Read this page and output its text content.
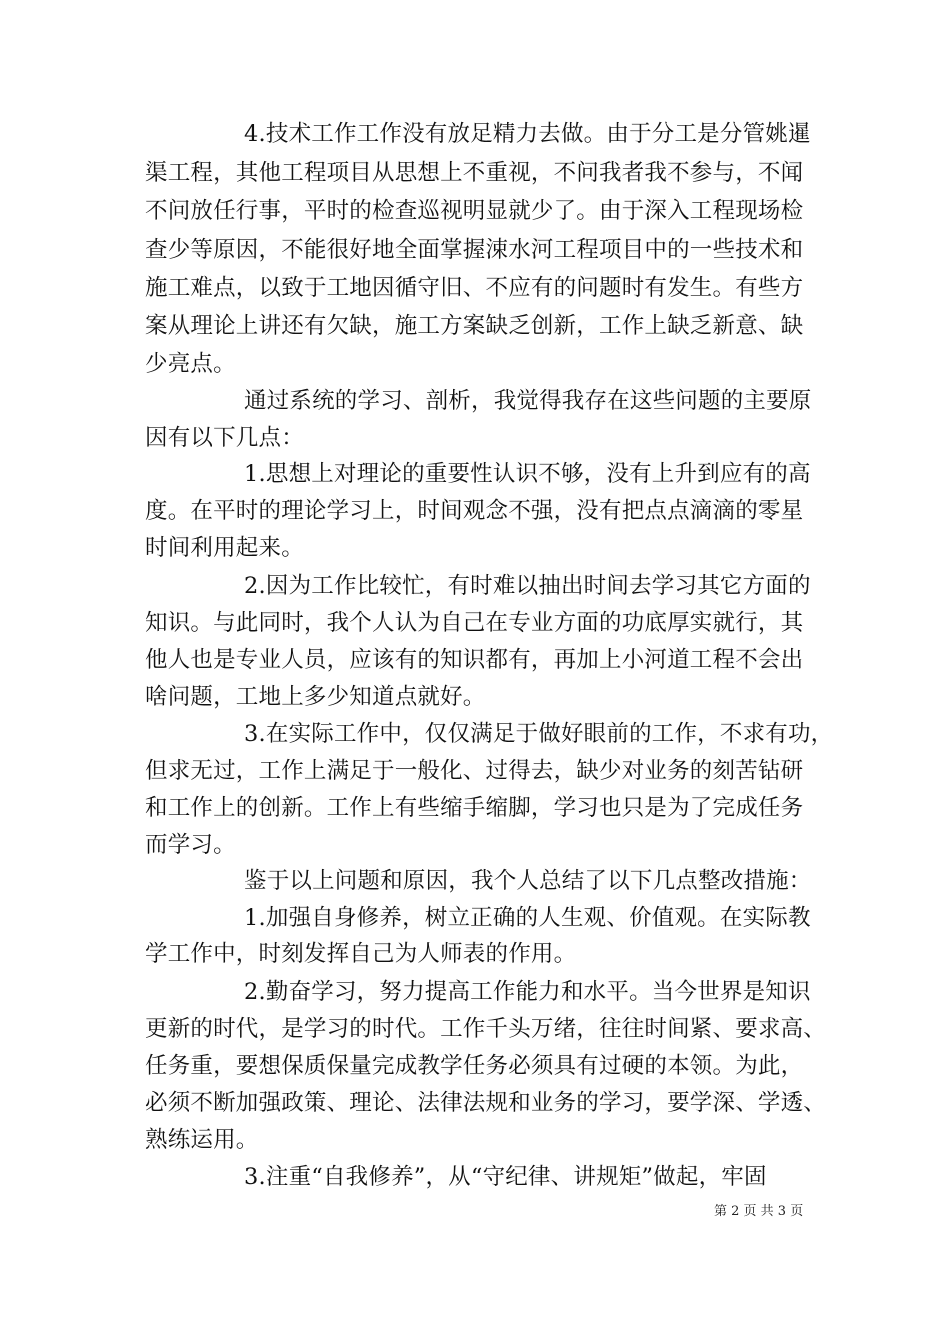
4.技术工作工作没有放足精力去做。由于分工是分管姚暹
渠工程，其他工程项目从思想上不重视，不问我者我不参与，不闻
不问放任行事，平时的检查巡视明显就少了。由于深入工程现场检
查少等原因，不能很好地全面掌握涑水河工程项目中的一些技术和
施工难点，以致于工地因循守旧、不应有的问题时有发生。有些方
案从理论上讲还有欠缺，施工方案缺乏创新，工作上缺乏新意、缺
少亮点。
通过系统的学习、剖析，我觉得我存在这些问题的主要原
因有以下几点：
1.思想上对理论的重要性认识不够，没有上升到应有的高
度。在平时的理论学习上，时间观念不强，没有把点点滴滴的零星
时间利用起来。
2.因为工作比较忙，有时难以抽出时间去学习其它方面的
知识。与此同时，我个人认为自己在专业方面的功底厚实就行，其
他人也是专业人员，应该有的知识都有，再加上小河道工程不会出
啥问题，工地上多少知道点就好。
3.在实际工作中，仅仅满足于做好眼前的工作，不求有功，
但求无过，工作上满足于一般化、过得去，缺少对业务的刻苦钻研
和工作上的创新。工作上有些缩手缩脚，学习也只是为了完成任务
而学习。
鉴于以上问题和原因，我个人总结了以下几点整改措施：
1.加强自身修养，树立正确的人生观、价值观。在实际教
学工作中，时刻发挥自己为人师表的作用。
2.勤奋学习，努力提高工作能力和水平。当今世界是知识
更新的时代，是学习的时代。工作千头万绪，往往时间紧、要求高、
任务重，要想保质保量完成教学任务必须具有过硬的本领。为此，
必须不断加强政策、理论、法律法规和业务的学习，要学深、学透、
熟练运用。
3.注重“自我修养”，从“守纪律、讲规矩”做起，牢固
第 2 页 共 3 页
